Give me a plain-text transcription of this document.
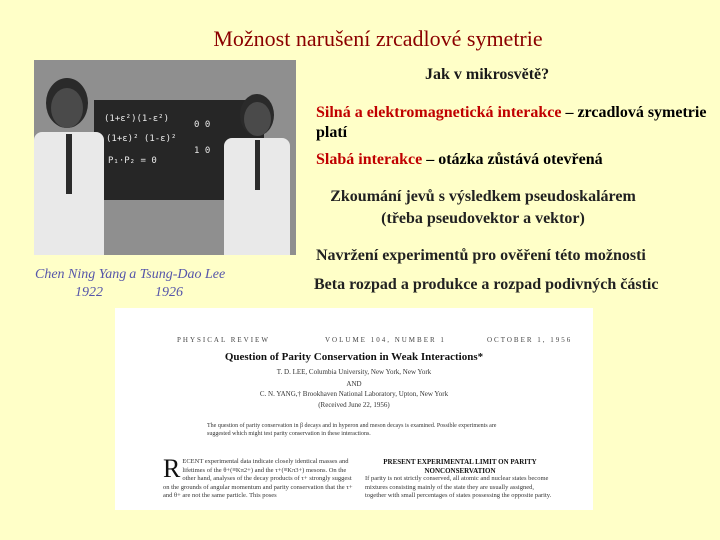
Možnost narušení zrcadlové symetrie
Jak v mikrosvětě?
Silná a elektromagnetická interakce – zrcadlová symetrie platí
Slabá interakce – otázka zůstává otevřená
Zkoumání jevů s výsledkem pseudoskalárem
(třeba pseudovektor a vektor)
Navržení experimentů pro ověření této možnosti
Beta rozpad a produkce a rozpad podivných částic
(1+ε²)(1-ε²)
(1+ε)² (1-ε)²
P₁·P₂ = 0
0 0
1 0
Chen Ning Yang a Tsung-Dao Lee
1922	1926
PHYSICAL REVIEW	VOLUME 104, NUMBER 1	OCTOBER 1, 1956
Question of Parity Conservation in Weak Interactions*
T. D. LEE, Columbia University, New York, New York
AND
C. N. YANG,† Brookhaven National Laboratory, Upton, New York
(Received June 22, 1956)
The question of parity conservation in β decays and in hyperon and meson decays is examined. Possible experiments are suggested which might test parity conservation in these interactions.
R ECENT experimental data indicate closely identical masses and lifetimes of the θ+(≡Kπ2+) and the τ+(≡Kπ3+) mesons. On the other hand, analyses of the decay products of τ+ strongly suggest on the grounds of angular momentum and parity conservation that the τ+ and θ+ are not the same particle. This poses
PRESENT EXPERIMENTAL LIMIT ON PARITY NONCONSERVATION
If parity is not strictly conserved, all atomic and nuclear states become mixtures consisting mainly of the state they are usually assigned, together with small percentages of states possessing the opposite parity.
